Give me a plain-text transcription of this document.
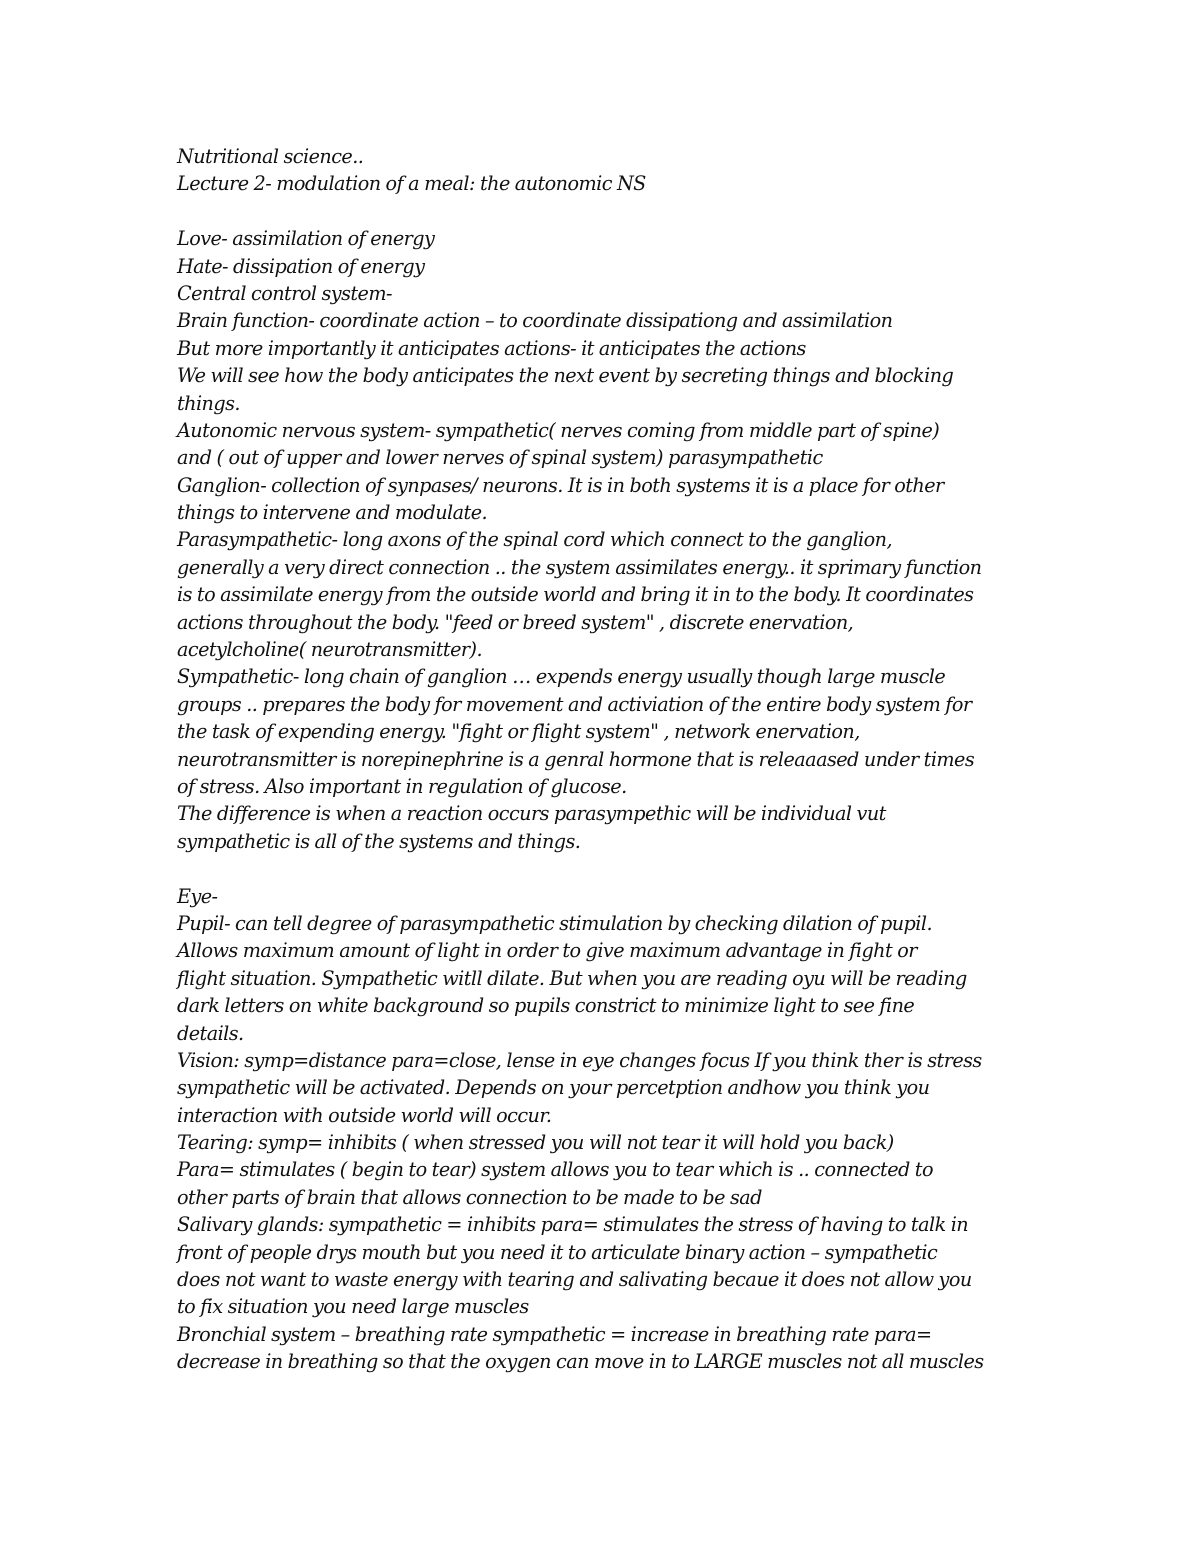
Nutritional science..
Lecture 2- modulation of a meal: the autonomic NS
Love- assimilation of energy
Hate- dissipation of energy
Central control system-
Brain function- coordinate action – to coordinate dissipationg and assimilation
But more importantly it anticipates actions- it anticipates the actions
We will see how the body anticipates the next event by secreting things and blocking
things.
Autonomic nervous system- sympathetic( nerves coming from middle part of spine)
and ( out of upper and lower nerves of spinal system) parasympathetic
Ganglion- collection of synpases/ neurons. It is in both systems it is a place for other
things to intervene and modulate.
Parasympathetic- long axons of the spinal cord which connect to the ganglion,
generally a very direct connection .. the system assimilates energy.. it sprimary function
is to assimilate energy from the outside world and bring it in to the body. It coordinates
actions throughout the body. "feed or breed system" , discrete enervation,
acetylcholine( neurotransmitter).
Sympathetic- long chain of ganglion … expends energy usually though large muscle
groups .. prepares the body for movement and activiation of the entire body system for
the task of expending energy. "fight or flight system" , network enervation,
neurotransmitter is norepinephrine is a genral hormone that is releaaased under times
of stress. Also important in regulation of glucose.
The difference is when a reaction occurs parasympethic will be individual vut
sympathetic is all of the systems and things.
Eye-
Pupil- can tell degree of parasympathetic stimulation by checking dilation of pupil.
Allows maximum amount of light in order to give maximum advantage in fight or
flight situation. Sympathetic witll dilate. But when you are reading oyu will be reading
dark letters on white background so pupils constrict to minimize light to see fine
details.
Vision: symp=distance para=close, lense in eye changes focus If you think ther is stress
sympathetic will be activated. Depends on your percetption andhow you think you
interaction with outside world will occur.
Tearing: symp= inhibits ( when stressed you will not tear it will hold you back)
Para= stimulates ( begin to tear) system allows you to tear which is .. connected to
other parts of brain that allows connection to be made to be sad
Salivary glands: sympathetic = inhibits para= stimulates the stress of having to talk in
front of people drys mouth but you need it to articulate binary action – sympathetic
does not want to waste energy with tearing and salivating becaue it does not allow you
to fix situation you need large muscles
Bronchial system – breathing rate sympathetic = increase in breathing rate para=
decrease in breathing so that the oxygen can move in to LARGE muscles not all muscles
